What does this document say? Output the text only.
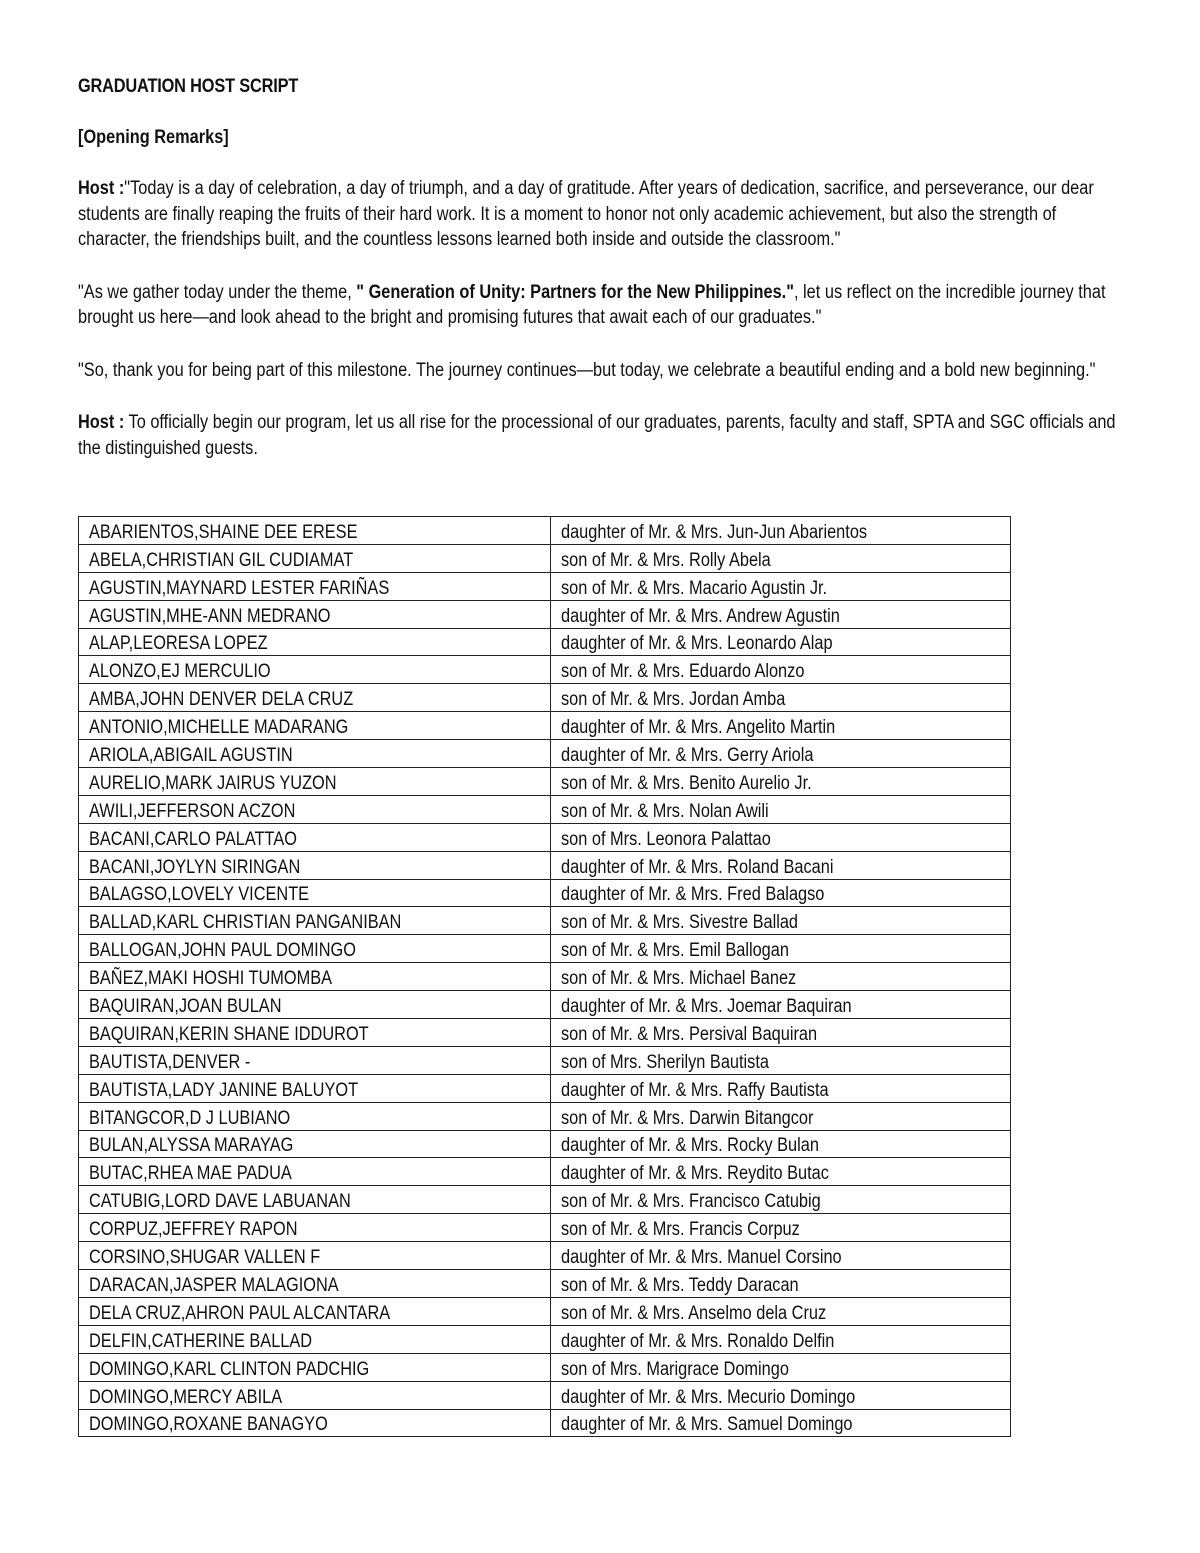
GRADUATION HOST SCRIPT

[Opening Remarks]

Host :"Today is a day of celebration, a day of triumph, and a day of gratitude. After years of dedication, sacrifice, and perseverance, our dear students are finally reaping the fruits of their hard work. It is a moment to honor not only academic achievement, but also the strength of character, the friendships built, and the countless lessons learned both inside and outside the classroom."

"As we gather today under the theme, " Generation of Unity: Partners for the New Philippines.", let us reflect on the incredible journey that brought us here—and look ahead to the bright and promising futures that await each of our graduates."

"So, thank you for being part of this milestone. The journey continues—but today, we celebrate a beautiful ending and a bold new beginning."

Host : To officially begin our program, let us all rise for the processional of our graduates, parents, faculty and staff, SPTA and SGC officials and the distinguished guests.

ABARIENTOS,SHAINE DEE ERESE	daughter of Mr. & Mrs. Jun-Jun Abarientos
ABELA,CHRISTIAN GIL CUDIAMAT	son of Mr. & Mrs. Rolly Abela
AGUSTIN,MAYNARD LESTER FARIÑAS	son of Mr. & Mrs. Macario Agustin Jr.
AGUSTIN,MHE-ANN MEDRANO	daughter of Mr. & Mrs. Andrew Agustin
ALAP,LEORESA LOPEZ	daughter of Mr. & Mrs. Leonardo Alap
ALONZO,EJ MERCULIO	son of Mr. & Mrs. Eduardo Alonzo
AMBA,JOHN DENVER DELA CRUZ	son of Mr. & Mrs. Jordan Amba
ANTONIO,MICHELLE MADARANG	daughter of Mr. & Mrs. Angelito Martin
ARIOLA,ABIGAIL AGUSTIN	daughter of Mr. & Mrs. Gerry Ariola
AURELIO,MARK JAIRUS YUZON	son of Mr. & Mrs. Benito Aurelio Jr.
AWILI,JEFFERSON ACZON	son of Mr. & Mrs. Nolan Awili
BACANI,CARLO PALATTAO	son of Mrs. Leonora Palattao
BACANI,JOYLYN SIRINGAN	daughter of Mr. & Mrs. Roland Bacani
BALAGSO,LOVELY VICENTE	daughter of Mr. & Mrs. Fred Balagso
BALLAD,KARL CHRISTIAN PANGANIBAN	son of Mr. & Mrs. Sivestre Ballad
BALLOGAN,JOHN PAUL DOMINGO	son of Mr. & Mrs. Emil Ballogan
BAÑEZ,MAKI HOSHI TUMOMBA	son of Mr. & Mrs. Michael Banez
BAQUIRAN,JOAN BULAN	daughter of Mr. & Mrs. Joemar Baquiran
BAQUIRAN,KERIN SHANE IDDUROT	son of Mr. & Mrs. Persival Baquiran
BAUTISTA,DENVER -	son of Mrs. Sherilyn Bautista
BAUTISTA,LADY JANINE BALUYOT	daughter of Mr. & Mrs. Raffy Bautista
BITANGCOR,D J LUBIANO	son of Mr. & Mrs. Darwin Bitangcor
BULAN,ALYSSA MARAYAG	daughter of Mr. & Mrs. Rocky Bulan
BUTAC,RHEA MAE PADUA	daughter of Mr. & Mrs. Reydito Butac
CATUBIG,LORD DAVE LABUANAN	son of Mr. & Mrs. Francisco Catubig
CORPUZ,JEFFREY RAPON	son of Mr. & Mrs. Francis Corpuz
CORSINO,SHUGAR VALLEN F	daughter of Mr. & Mrs. Manuel Corsino
DARACAN,JASPER MALAGIONA	son of Mr. & Mrs. Teddy Daracan
DELA CRUZ,AHRON PAUL ALCANTARA	son of Mr. & Mrs. Anselmo dela Cruz
DELFIN,CATHERINE BALLAD	daughter of Mr. & Mrs. Ronaldo Delfin
DOMINGO,KARL CLINTON PADCHIG	son of Mrs. Marigrace Domingo
DOMINGO,MERCY ABILA	daughter of Mr. & Mrs. Mecurio Domingo
DOMINGO,ROXANE BANAGYO	daughter of Mr. & Mrs. Samuel Domingo
